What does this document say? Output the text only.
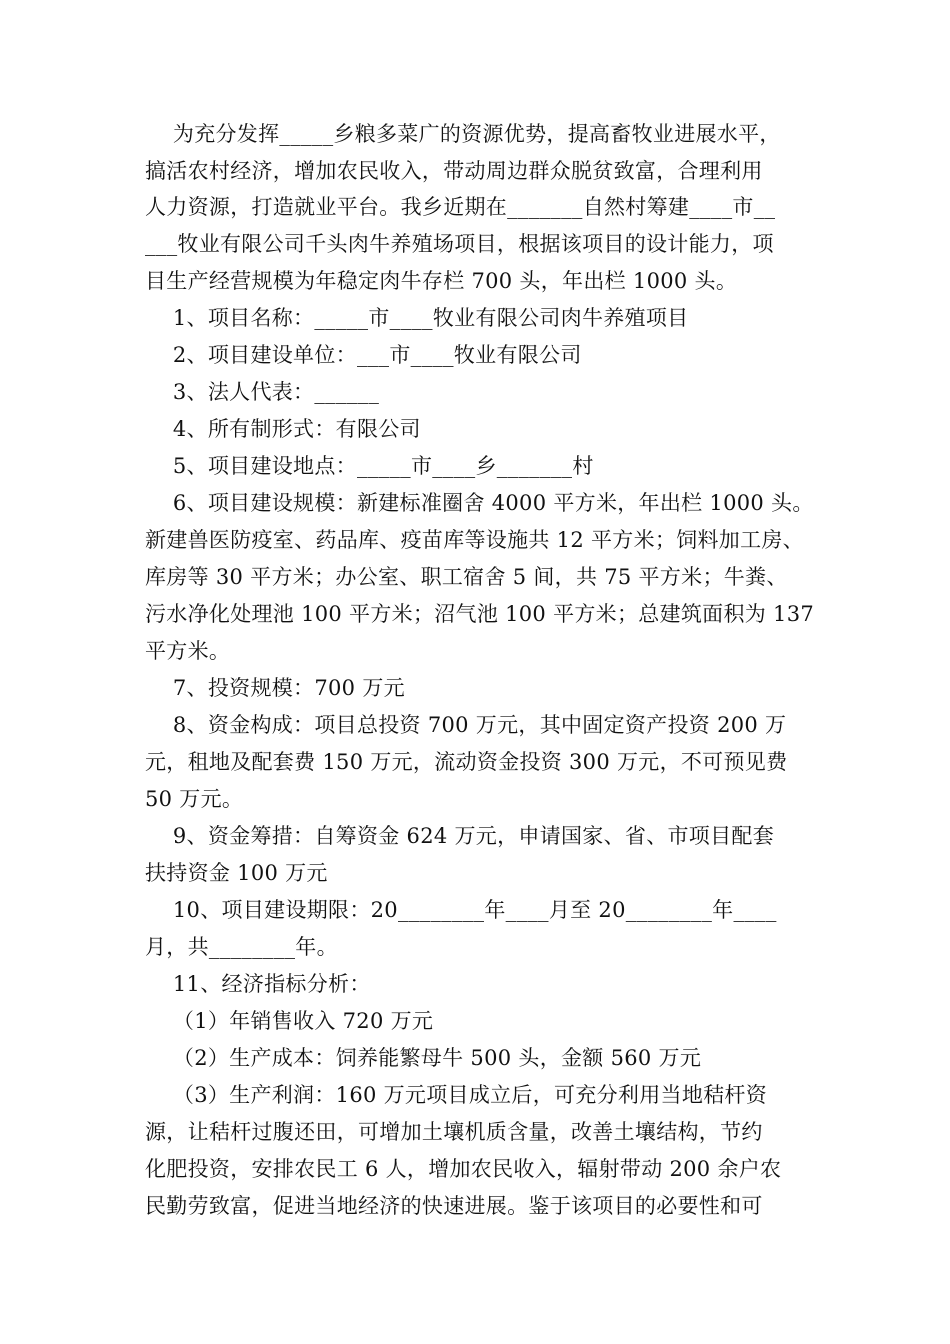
为充分发挥_____乡粮多菜广的资源优势，提高畜牧业进展水平，
搞活农村经济，增加农民收入，带动周边群众脱贫致富，合理利用
人力资源，打造就业平台。我乡近期在_______自然村筹建____市__
___牧业有限公司千头肉牛养殖场项目，根据该项目的设计能力，项
目生产经营规模为年稳定肉牛存栏 700 头，年出栏 1000 头。
1、项目名称：_____市____牧业有限公司肉牛养殖项目
2、项目建设单位：___市____牧业有限公司
3、法人代表：______
4、所有制形式：有限公司
5、项目建设地点：_____市____乡_______村
6、项目建设规模：新建标准圈舍 4000 平方米，年出栏 1000 头。
新建兽医防疫室、药品库、疫苗库等设施共 12 平方米；饲料加工房、
库房等 30 平方米；办公室、职工宿舍 5 间，共 75 平方米；牛粪、
污水净化处理池 100 平方米；沼气池 100 平方米；总建筑面积为 137
平方米。
7、投资规模：700 万元
8、资金构成：项目总投资 700 万元，其中固定资产投资 200 万
元，租地及配套费 150 万元，流动资金投资 300 万元，不可预见费
50 万元。
9、资金筹措：自筹资金 624 万元，申请国家、省、市项目配套
扶持资金 100 万元
10、项目建设期限：20________年____月至 20________年____
月，共________年。
11、经济指标分析：
（1）年销售收入 720 万元
（2）生产成本：饲养能繁母牛 500 头，金额 560 万元
（3）生产利润：160 万元项目成立后，可充分利用当地秸杆资
源，让秸杆过腹还田，可增加土壤机质含量，改善土壤结构，节约
化肥投资，安排农民工 6 人，增加农民收入，辐射带动 200 余户农
民勤劳致富，促进当地经济的快速进展。鉴于该项目的必要性和可
